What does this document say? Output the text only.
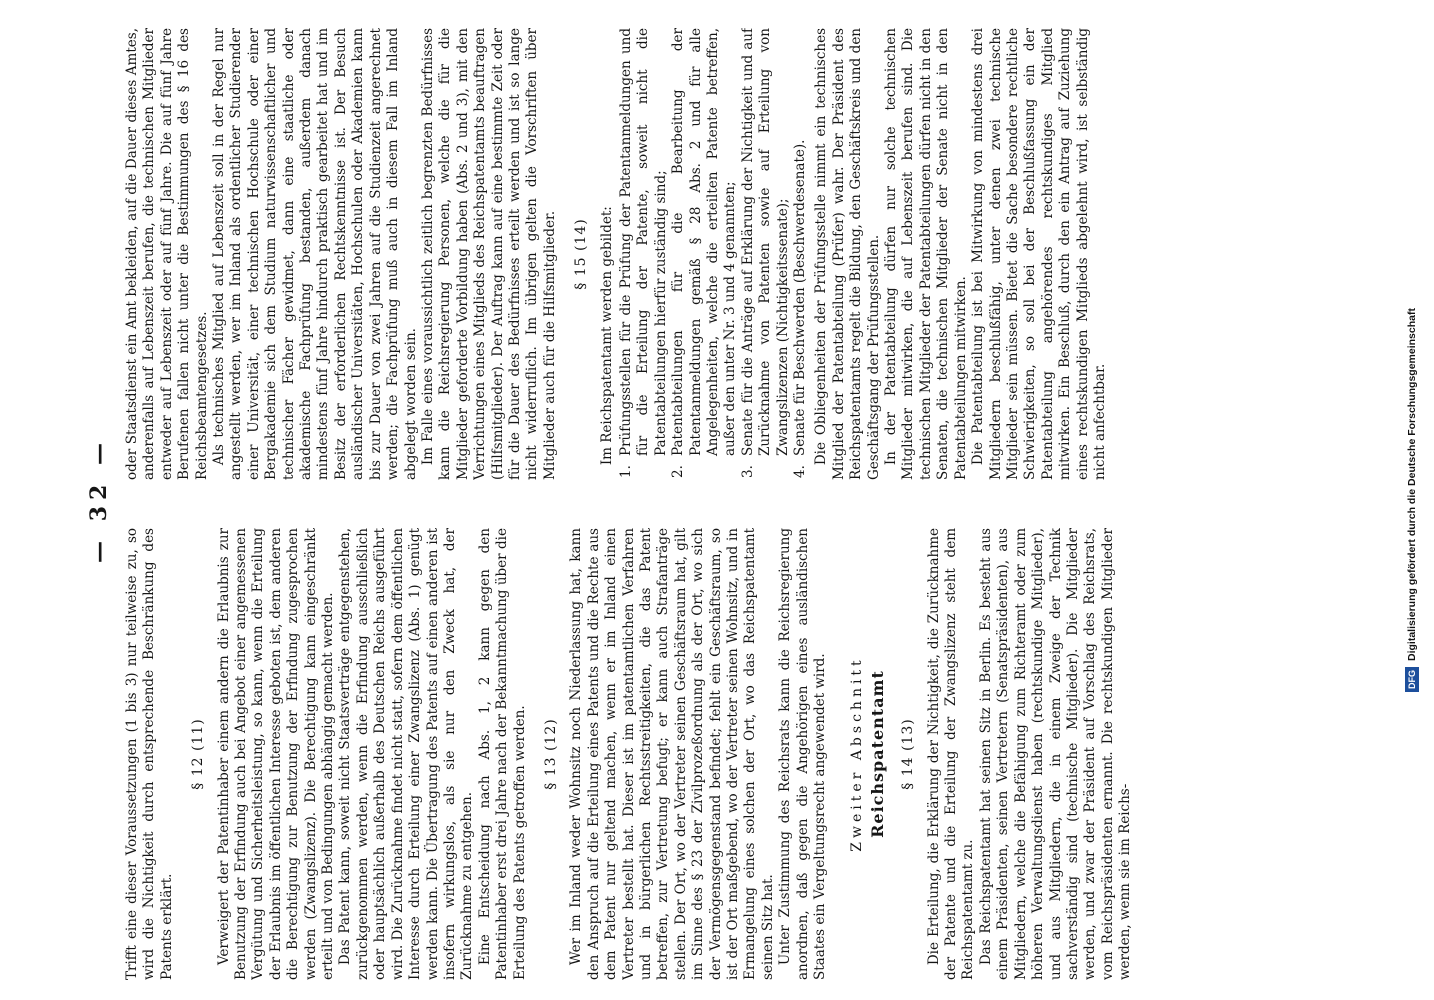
— 32 —

Trifft eine dieser Voraussetzungen (1 bis 3) nur teilweise zu, so wird die Nichtigkeit durch entsprechende Beschränkung des Patents erklärt.

§ 12 (11) Verweigert der Patentinhaber einem andern die Erlaubnis zur Benutzung der Erfindung auch bei Angebot einer angemessenen Vergütung und Sicherheitsleistung, so kann, wenn die Erteilung der Erlaubnis im öffentlichen Interesse geboten ist, dem anderen die Berechtigung zur Benutzung der Erfindung zugesprochen werden (Zwangslizenz). Die Berechtigung kann eingeschränkt erteilt und von Bedingungen abhängig gemacht werden. Das Patent kann, soweit nicht Staatsverträge entgegenstehen, zurückgenommen werden, wenn die Erfindung ausschließlich oder hauptsächlich außerhalb des Deutschen Reichs ausgeführt wird. Die Zurücknahme findet nicht statt, sofern dem öffentlichen Interesse durch Erteilung einer Zwangslizenz (Abs. 1) genügt werden kann. Die Übertragung des Patents auf einen anderen ist insofern wirkungslos, als sie nur den Zweck hat, der Zurücknahme zu entgehen. Eine Entscheidung nach Abs. 1, 2 kann gegen den Patentinhaber erst drei Jahre nach der Bekanntmachung über die Erteilung des Patents getroffen werden. § 13 (12) Wer im Inland weder Wohnsitz noch Niederlassung hat, kann den Anspruch auf die Erteilung eines Patents und die Rechte aus dem Patent nur geltend machen, wenn er im Inland einen Vertreter bestellt hat. Dieser ist im patentamtlichen Verfahren und in bürgerlichen Rechtsstreitigkeiten, die das Patent betreffen, zur Vertretung befugt; er kann auch Strafanträge stellen. Der Ort, wo der Vertreter seinen Geschäftsraum hat, gilt im Sinne des § 23 der Zivilprozeßordnung als der Ort, wo sich der Vermögensgegenstand befindet; fehlt ein Geschäftsraum, so ist der Ort maßgebend, wo der Vertreter seinen Wohnsitz, und in Ermangelung eines solchen der Ort, wo das Reichspatentamt seinen Sitz hat. Unter Zustimmung des Reichsrats kann die Reichsregierung anordnen, daß gegen die Angehörigen eines ausländischen Staates ein Vergeltungsrecht angewendet wird. Zweiter Abschnitt Reichspatentamt § 14 (13) Die Erteilung, die Erklärung der Nichtigkeit, die Zurücknahme der Patente und die Erteilung der Zwangslizenz steht dem Reichspatentamt zu. Das Reichspatentamt hat seinen Sitz in Berlin. Es besteht aus einem Präsidenten, seinen Vertretern (Senatspräsidenten), aus Mitgliedern, welche die Befähigung zum Richteramt oder zum höheren Verwaltungsdienst haben (rechtskundige Mitglieder), und aus Mitgliedern, die in einem Zweige der Technik sachverständig sind (technische Mitglieder). Die Mitglieder werden, und zwar der Präsident auf Vorschlag des Reichsrats, vom Reichspräsidenten ernannt. Die rechtskundigen Mitglieder werden, wenn sie im Reichs-

oder Staatsdienst ein Amt bekleiden, auf die Dauer dieses Amtes, anderenfalls auf Lebenszeit berufen, die technischen Mitglieder entweder auf Lebenszeit oder auf fünf Jahre. Die auf fünf Jahre Berufenen fallen nicht unter die Bestimmungen des § 16 des Reichsbeamtengesetzes. Als technisches Mitglied auf Lebenszeit soll in der Regel nur angestellt werden, wer im Inland als ordentlicher Studierender einer Universität, einer technischen Hochschule oder einer Bergakademie sich dem Studium naturwissenschaftlicher und technischer Fächer gewidmet, dann eine staatliche oder akademische Fachprüfung bestanden, außerdem danach mindestens fünf Jahre hindurch praktisch gearbeitet hat und im Besitz der erforderlichen Rechtskenntnisse ist. Der Besuch ausländischer Universitäten, Hochschulen oder Akademien kann bis zur Dauer von zwei Jahren auf die Studienzeit angerechnet werden; die Fachprüfung muß auch in diesem Fall im Inland abgelegt worden sein. Im Falle eines voraussichtlich zeitlich begrenzten Bedürfnisses kann die Reichsregierung Personen, welche die für die Mitglieder geforderte Vorbildung haben (Abs. 2 und 3), mit den Verrichtungen eines Mitglieds des Reichspatentamts beauftragen (Hilfsmitglieder). Der Auftrag kann auf eine bestimmte Zeit oder für die Dauer des Bedürfnisses erteilt werden und ist so lange nicht widerruflich. Im übrigen gelten die Vorschriften über Mitglieder auch für die Hilfsmitglieder. § 15 (14) Im Reichspatentamt werden gebildet:

1.
Prüfungsstellen für die Prüfung der Patentanmeldungen und für die Erteilung der Patente, soweit nicht die Patentabteilungen hierfür zuständig sind;
2.
Patentabteilungen für die Bearbeitung der Patentanmeldungen gemäß § 28 Abs. 2 und für alle Angelegenheiten, welche die erteilten Patente betreffen, außer den unter Nr. 3 und 4 genannten;
3.
Senate für die Anträge auf Erklärung der Nichtigkeit und auf Zurücknahme von Patenten sowie auf Erteilung von Zwangslizenzen (Nichtigkeitssenate);
4.
Senate für Beschwerden (Beschwerdesenate). Die Obliegenheiten der Prüfungsstelle nimmt ein technisches Mitglied der Patentabteilung (Prüfer) wahr. Der Präsident des Reichspatentamts regelt die Bildung, den Geschäftskreis und den Geschäftsgang der Prüfungsstellen. In der Patentabteilung dürfen nur solche technischen Mitglieder mitwirken, die auf Lebenszeit berufen sind. Die technischen Mitglieder der Patentabteilungen dürfen nicht in den Senaten, die technischen Mitglieder der Senate nicht in den Patentabteilungen mitwirken. Die Patentabteilung ist bei Mitwirkung von mindestens drei Mitgliedern beschlußfähig, unter denen zwei technische Mitglieder sein müssen. Bietet die Sache besondere rechtliche Schwierigkeiten, so soll bei der Beschlußfassung ein der Patentabteilung angehörendes rechtskundiges Mitglied mitwirken. Ein Beschluß, durch den ein Antrag auf Zuziehung eines rechtskundigen Mitglieds abgelehnt wird, ist selbständig nicht anfechtbar.

DFGDigitalisierung gefördert durch die Deutsche Forschungsgemeinschaft
